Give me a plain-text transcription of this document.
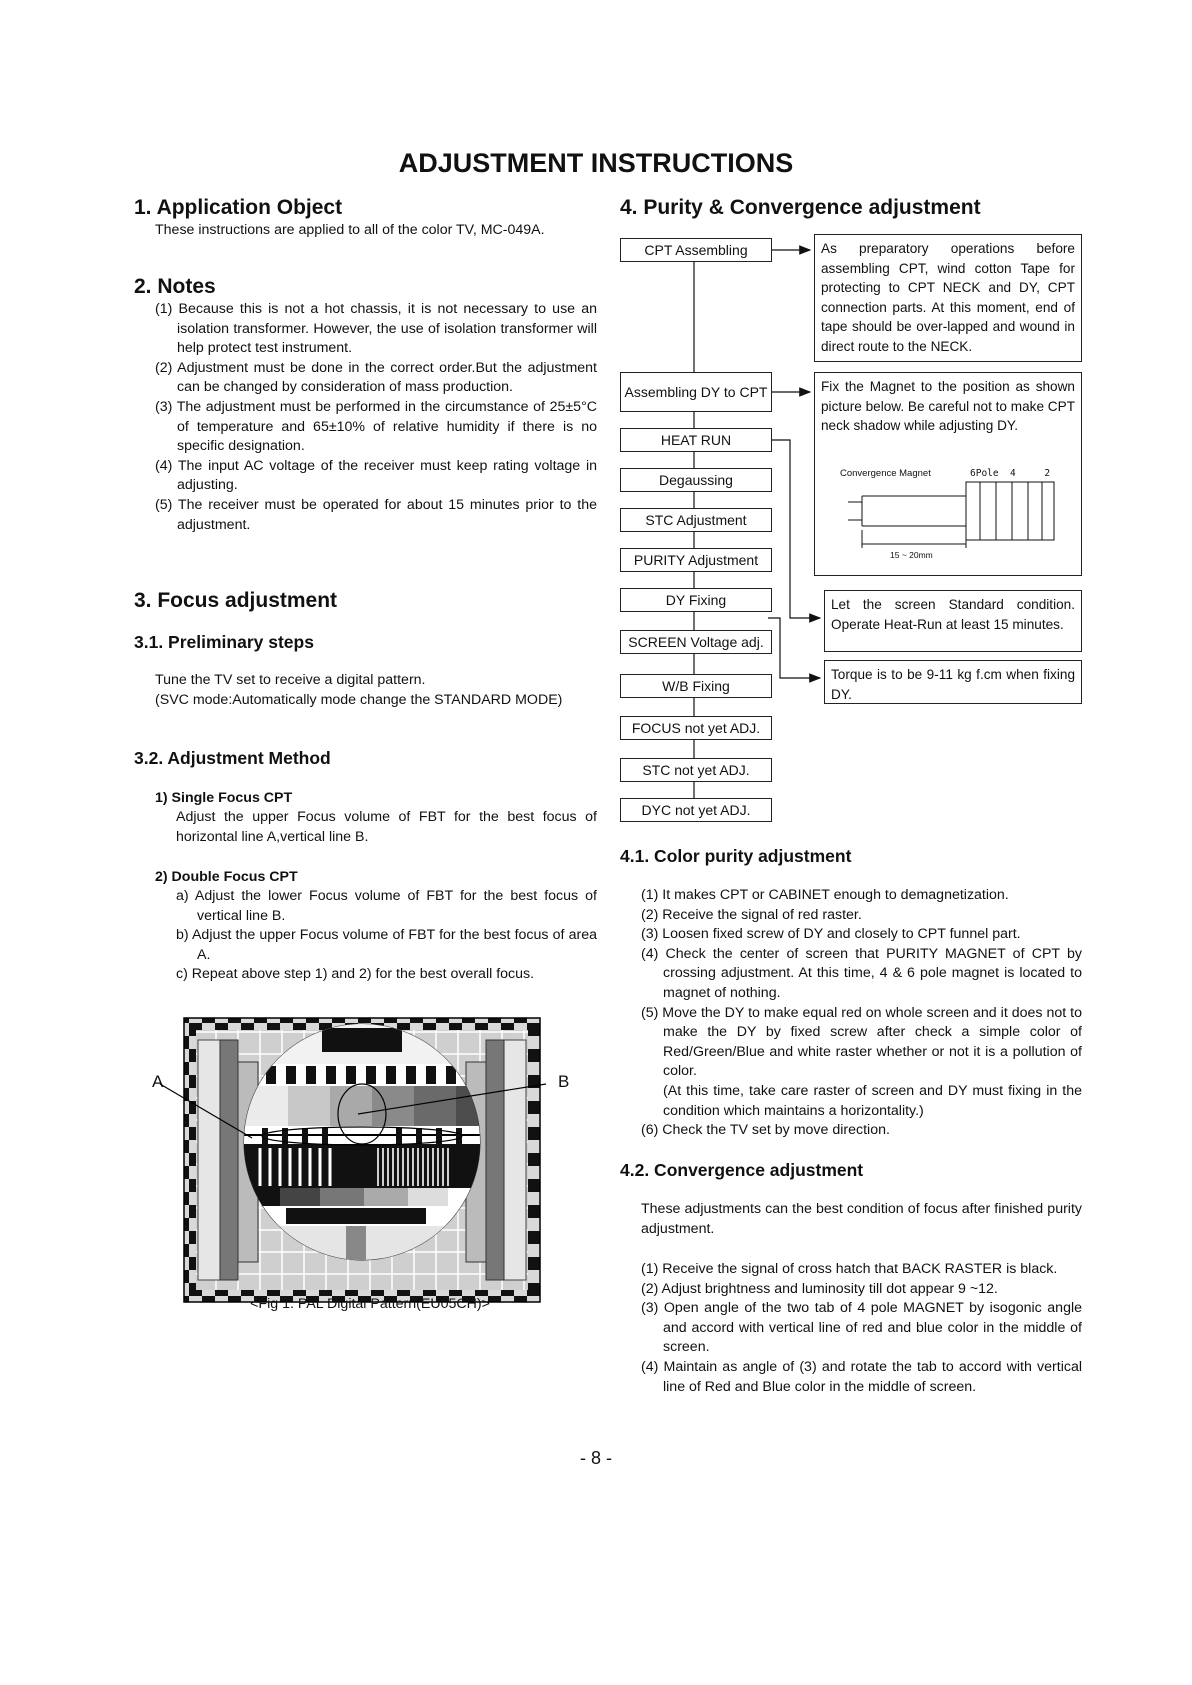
ADJUSTMENT INSTRUCTIONS
1. Application Object
These instructions are applied to all of the color TV, MC-049A.
2. Notes

(1) Because this is not a hot chassis, it is not necessary to use an isolation transformer. However, the use of isolation transformer will help protect test instrument.

(2) Adjustment must be done in the correct order.But the adjustment can be changed by consideration of mass production.

(3) The adjustment must be performed in the circumstance of 25±5°C of temperature and 65±10% of relative humidity if there is no specific designation.

(4) The input AC voltage of the receiver must keep rating voltage in adjusting.

(5) The receiver must be operated for about 15 minutes prior to the adjustment.

3. Focus adjustment
3.1. Preliminary steps
Tune the TV set to receive a digital pattern.
(SVC mode:Automatically mode change the STANDARD MODE)
3.2. Adjustment Method
1) Single Focus CPT
Adjust the upper Focus volume of FBT for the best focus of horizontal line A,vertical line B.
2) Double Focus CPT

a) Adjust the lower Focus volume of FBT for the best focus of vertical line B.

b) Adjust the upper Focus volume of FBT for the best focus of area A.

c) Repeat above step 1) and 2) for the best overall focus.

A	B
<Fig 1. PAL Digital Pattern(EU05CH)>
4. Purity & Convergence adjustment
CPT Assembling
Assembling DY to CPT
HEAT RUN
Degaussing
STC Adjustment
PURITY Adjustment
DY Fixing
SCREEN Voltage adj.
W/B Fixing
FOCUS not yet ADJ.
STC not yet ADJ.
DYC not yet ADJ.
As preparatory operations before assembling CPT, wind cotton Tape for protecting to CPT NECK and DY, CPT connection parts. At this moment, end of tape should be over-lapped and wound in direct route to the NECK.
Fix the Magnet to the position as shown picture below. Be careful not to make CPT neck shadow while adjusting DY.
Convergence Magnet	6Pole  4     2
15 ~ 20mm
Let the screen Standard condition. Operate Heat-Run at least 15 minutes.
Torque is to be 9-11 kg f.cm when fixing DY.
4.1. Color purity adjustment

(1) It makes CPT or CABINET enough to demagnetization.

(2) Receive the signal of red raster.

(3) Loosen fixed screw of DY and closely to CPT funnel part.

(4) Check the center of screen that PURITY MAGNET of CPT by crossing adjustment. At this time, 4 & 6 pole magnet is located to magnet of nothing.

(5) Move the DY to make equal red on whole screen and it does not to make the DY by fixed screw after check a simple color of Red/Green/Blue and white raster whether or not it is a pollution of color.

(At this time, take care raster of screen and DY must fixing in the condition which maintains a horizontality.)

(6) Check the TV set by move direction.

4.2. Convergence adjustment
These adjustments can the best condition of focus after finished purity adjustment.

(1) Receive the signal of cross hatch that BACK RASTER is black.

(2) Adjust brightness and luminosity till dot appear 9 ~12.

(3) Open angle of the two tab of 4 pole MAGNET by isogonic angle and accord with vertical line of red and blue color in the middle of screen.

(4) Maintain as angle of (3) and rotate the tab to accord with vertical line of Red and Blue color in the middle of screen.

- 8 -
